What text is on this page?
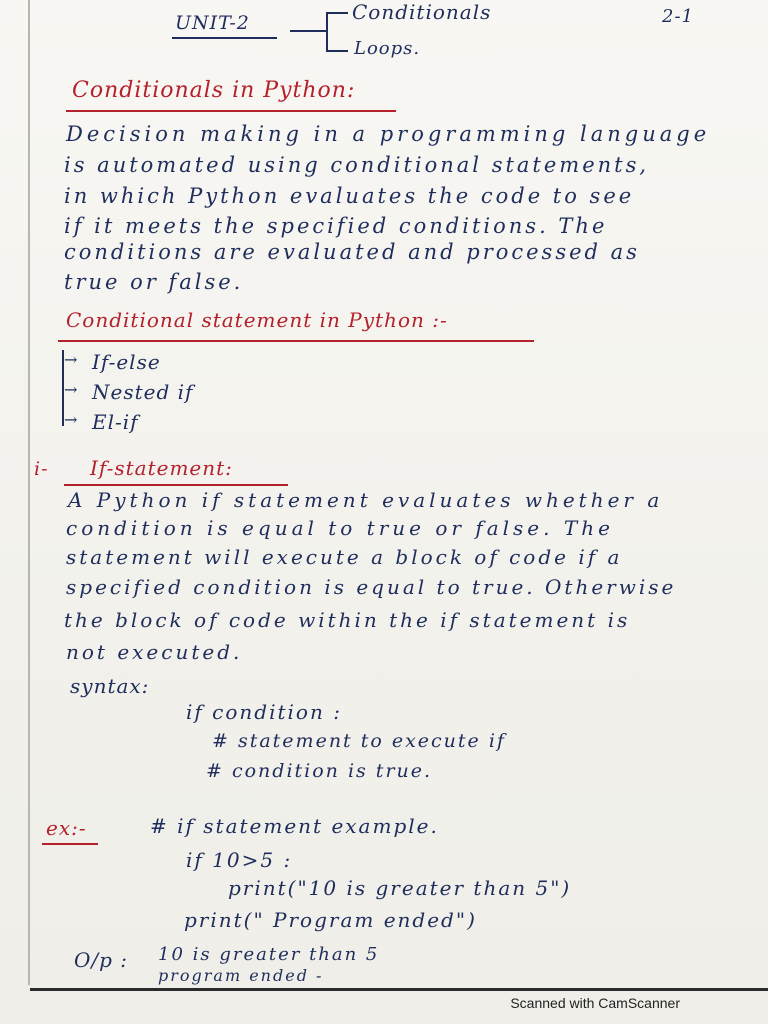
UNIT-2	Conditionals
Loops.
2-1
Conditionals in Python:
Decision making in a programming language
is automated using conditional statements,
in which Python evaluates the code to see
if it meets the specified conditions. The
conditions are evaluated and processed as
true or false.
Conditional statement in Python :-
If-else
Nested if
El-if
→
→
→
i- If-statement:
A Python if statement evaluates whether a
condition is equal to true or false. The
statement will execute a block of code if a
specified condition is equal to true. Otherwise
the block of code within the if statement is
not executed.
syntax:
if condition :
# statement to execute if
# condition is true.
ex:-	# if statement example.
if 10>5 :
print("10 is greater than 5")
print(" Program ended")
O/p : 10 is greater than 5
program ended -
Scanned with CamScanner
